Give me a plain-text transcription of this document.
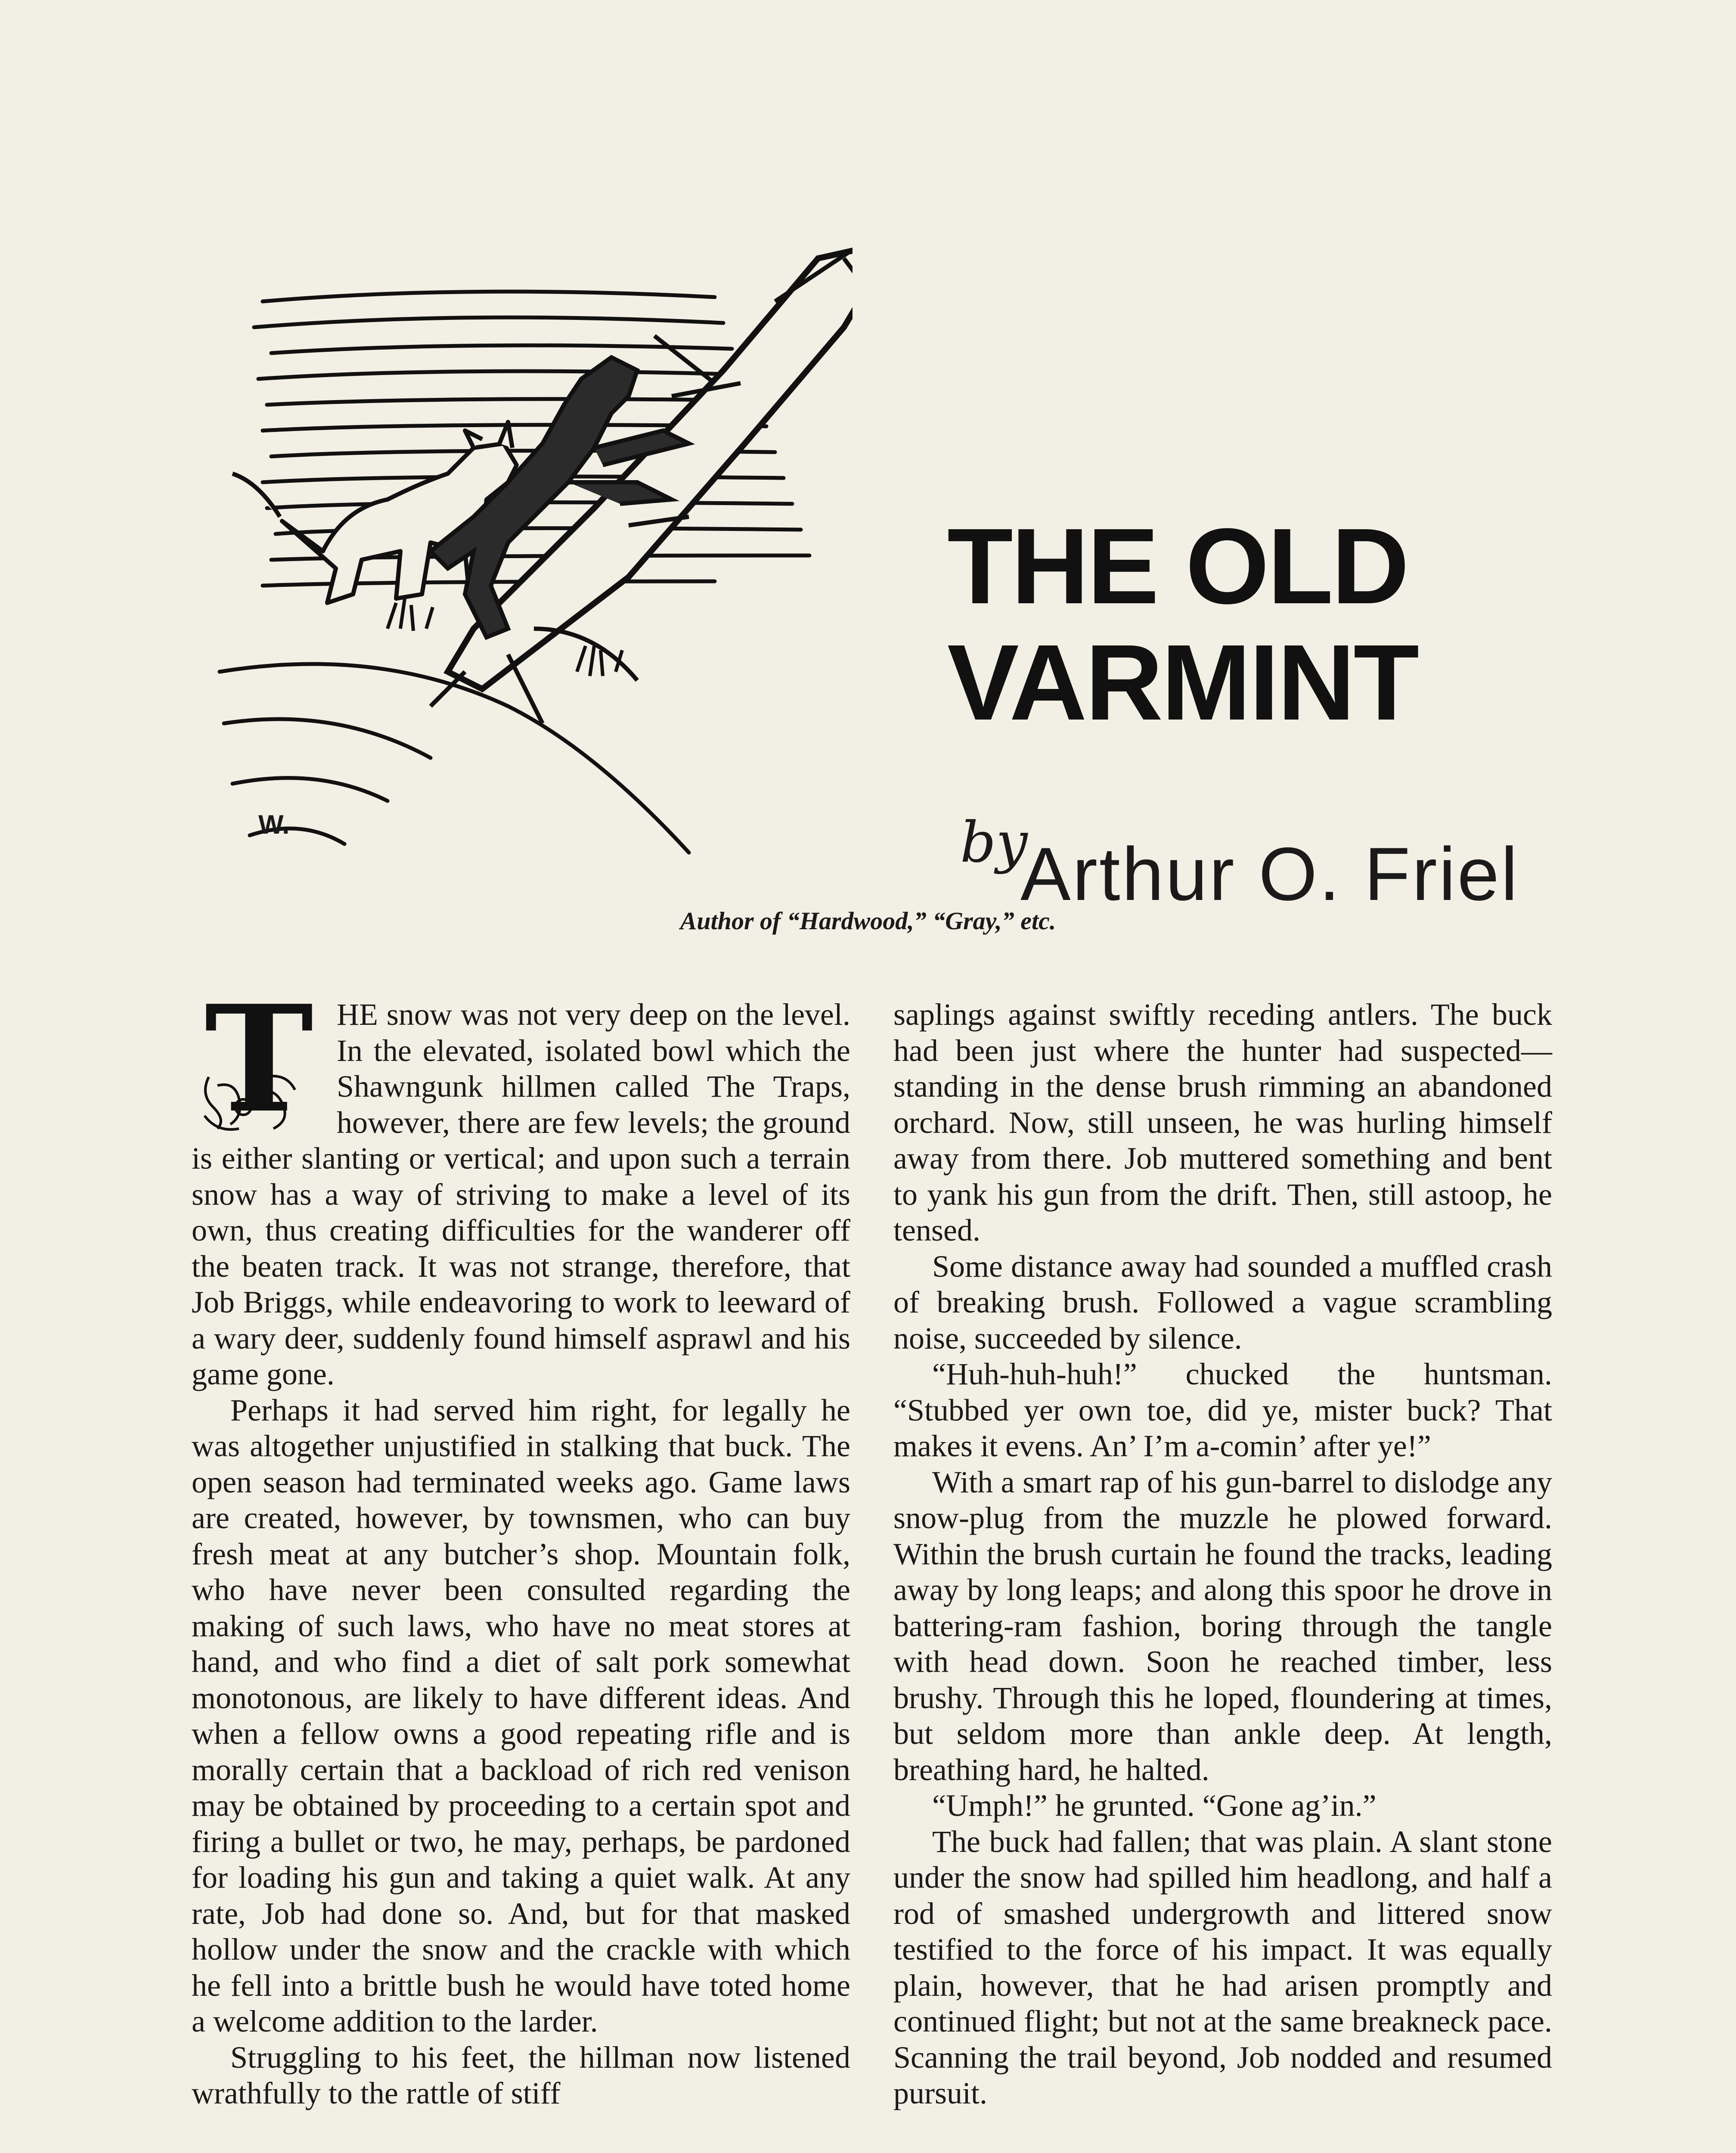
W.
THE OLD
VARMINT
by
Arthur O. Friel
Author of “Hardwood,” “Gray,” etc.
T HE snow was not very deep on the level. In the elevated, isolated bowl which the Shawngunk hillmen called The Traps, however, there are few levels; the ground is either slanting or vertical; and upon such a terrain snow has a way of striving to make a level of its own, thus creating difficulties for the wanderer off the beaten track. It was not strange, therefore, that Job Briggs, while endeavoring to work to leeward of a wary deer, suddenly found himself asprawl and his game gone.

Perhaps it had served him right, for legally he was altogether unjustified in stalking that buck. The open season had terminated weeks ago. Game laws are created, however, by townsmen, who can buy fresh meat at any butcher’s shop. Mountain folk, who have never been consulted regarding the making of such laws, who have no meat stores at hand, and who find a diet of salt pork somewhat monotonous, are likely to have different ideas. And when a fellow owns a good repeating rifle and is morally certain that a backload of rich red venison may be obtained by proceeding to a certain spot and firing a bullet or two, he may, perhaps, be pardoned for loading his gun and taking a quiet walk. At any rate, Job had done so. And, but for that masked hollow under the snow and the crackle with which he fell into a brittle bush he would have toted home a welcome addition to the larder.

Struggling to his feet, the hillman now listened wrathfully to the rattle of stiff

saplings against swiftly receding antlers. The buck had been just where the hunter had suspected—standing in the dense brush rimming an abandoned orchard. Now, still unseen, he was hurling himself away from there. Job muttered something and bent to yank his gun from the drift. Then, still astoop, he tensed.

Some distance away had sounded a muffled crash of breaking brush. Followed a vague scrambling noise, succeeded by silence.

“Huh-huh-huh!” chucked the huntsman. “Stubbed yer own toe, did ye, mister buck? That makes it evens. An’ I’m a-comin’ after ye!”

With a smart rap of his gun-barrel to dislodge any snow-plug from the muzzle he plowed forward. Within the brush curtain he found the tracks, leading away by long leaps; and along this spoor he drove in battering-ram fashion, boring through the tangle with head down. Soon he reached timber, less brushy. Through this he loped, floundering at times, but seldom more than ankle deep. At length, breathing hard, he halted.

“Umph!” he grunted. “Gone ag’in.”

The buck had fallen; that was plain. A slant stone under the snow had spilled him headlong, and half a rod of smashed undergrowth and littered snow testified to the force of his impact. It was equally plain, however, that he had arisen promptly and continued flight; but not at the same breakneck pace. Scanning the trail beyond, Job nodded and resumed pursuit.
